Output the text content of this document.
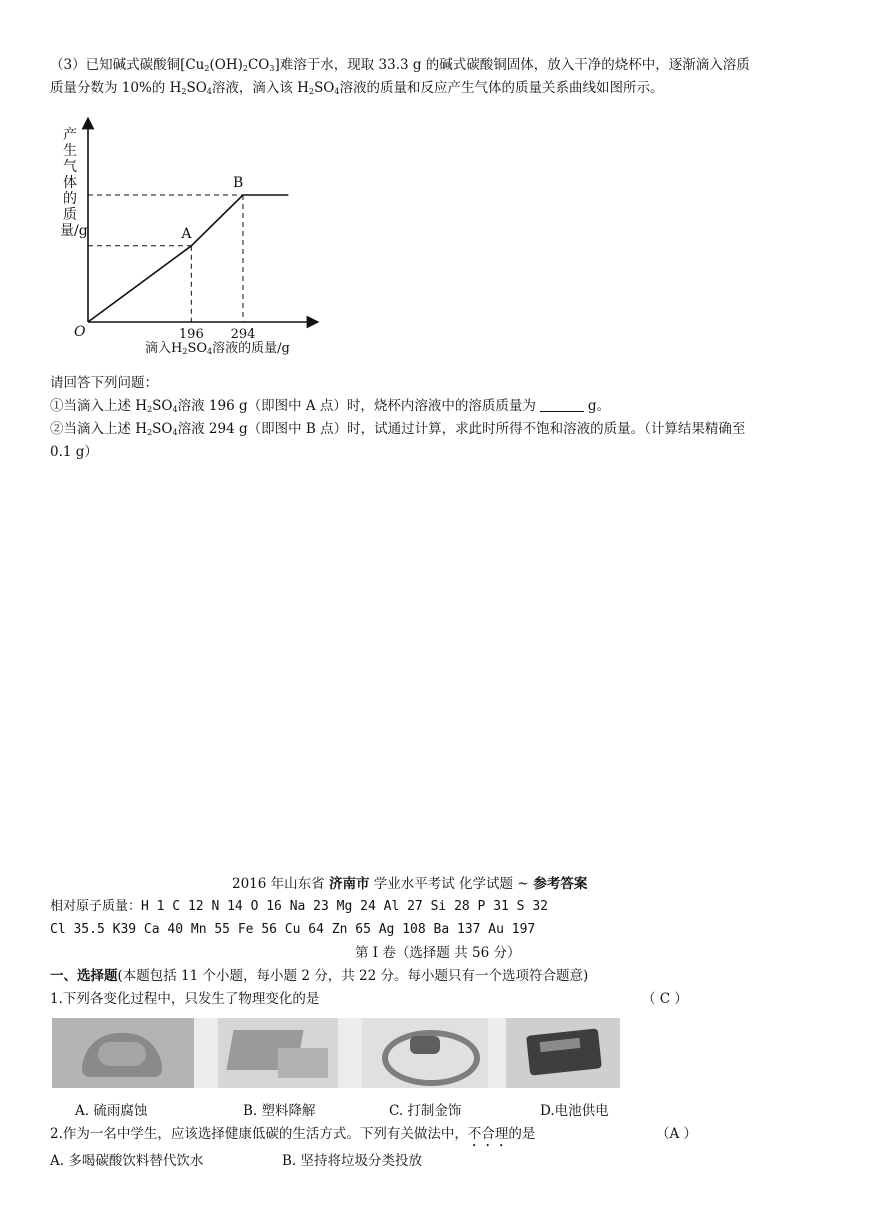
（3）已知碱式碳酸铜$[Cu_2(OH)_2CO_3]$难溶于水，现取 33.3 g 的碱式碳酸铜固体，放入干净的烧杯中，逐渐滴入溶质
质量分数为 10%的 $H_2SO_4$溶液，滴入该 $H_2SO_4$溶液的质量和反应产生气体的质量关系曲线如图所示。
A
B
196 294
O
产生气体的质量/g
滴入$H_2SO_4$溶液的质量/g
请回答下列问题：
①当滴入上述 $H_2SO_4$溶液 196 g（即图中 A 点）时，烧杯内溶液中的溶质质量为	g。
②当滴入上述 $H_2SO_4$溶液 294 g（即图中 B 点）时，试通过计算，求此时所得不饱和溶液的质量。（计算结果精确至
0.1 g）
2016 年山东省 济南市 学业水平考试 化学试题 ~ 参考答案
相对原子质量：H 1 C 12 N 14 O 16 Na 23 Mg 24 Al 27 Si 28 P 31 S 32
Cl 35.5 K39 Ca 40 Mn 55 Fe 56 Cu 64 Zn 65 Ag 108 Ba 137 Au 197
第 I 卷（选择题 共 56 分）
一、选择题(本题包括 11 个小题，每小题 2 分，共 22 分。每小题只有一个选项符合题意)
1.下列各变化过程中，只发生了物理变化的是	（ C ）
A. 硫雨腐蚀	B. 塑料降解	C. 打制金饰	D.电池供电
2.作为一名中学生，应该选择健康低碳的生活方式。下列有关做法中，不合理的是	（A ）
A. 多喝碳酸饮料替代饮水	B. 坚持将垃圾分类投放
